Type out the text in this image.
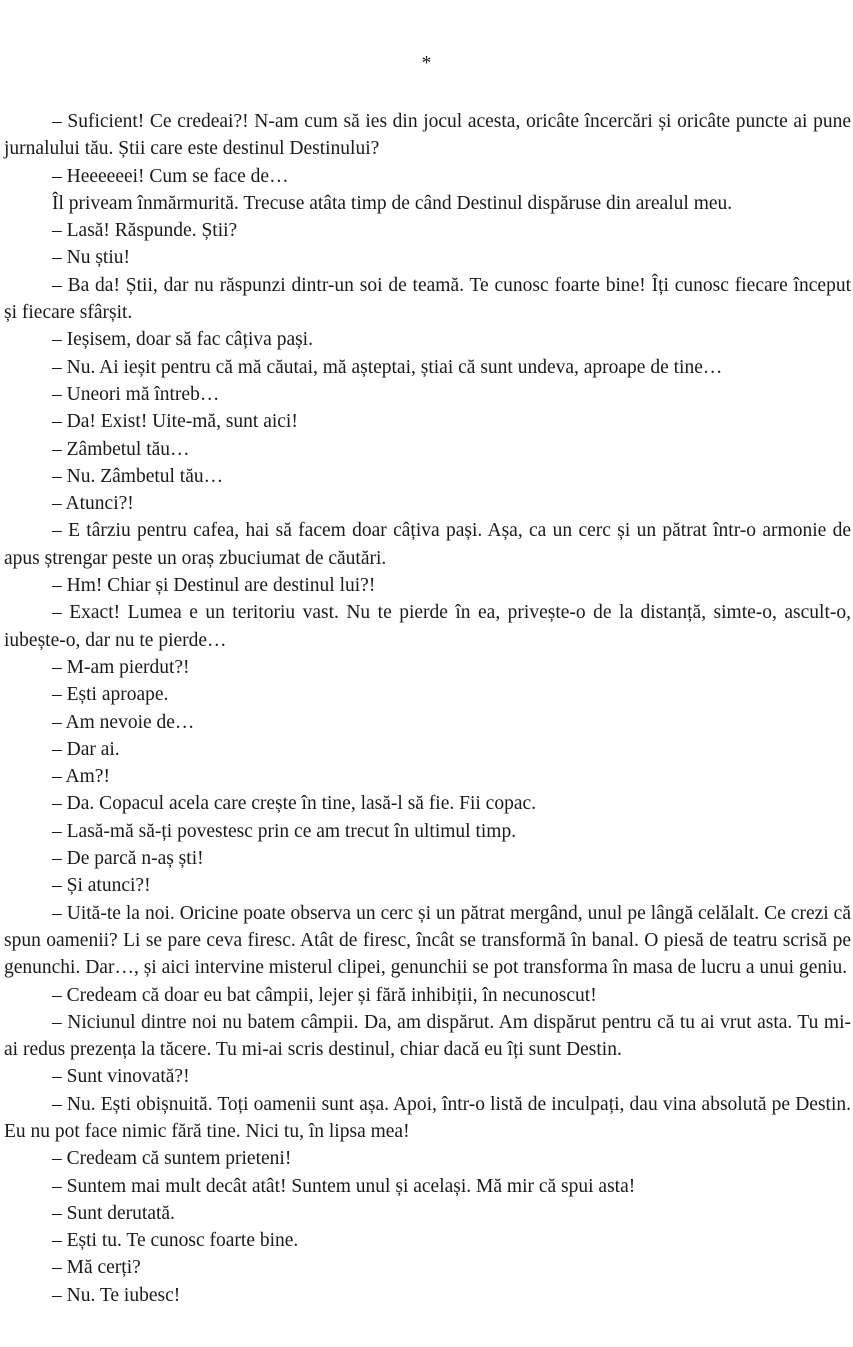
*

– Suficient! Ce credeai?! N-am cum să ies din jocul acesta, oricâte încercări și oricâte puncte ai pune jurnalului tău. Știi care este destinul Destinului?

– Heeeeeei! Cum se face de…

Îl priveam înmărmurită. Trecuse atâta timp de când Destinul dispăruse din arealul meu.

– Lasă! Răspunde. Știi?

– Nu știu!

– Ba da! Știi, dar nu răspunzi dintr-un soi de teamă. Te cunosc foarte bine! Îți cunosc fiecare început și fiecare sfârșit.

– Ieșisem, doar să fac câțiva pași.

– Nu. Ai ieșit pentru că mă căutai, mă așteptai, știai că sunt undeva, aproape de tine…

– Uneori mă întreb…

– Da! Exist! Uite-mă, sunt aici!

– Zâmbetul tău…

– Nu. Zâmbetul tău…

– Atunci?!

– E târziu pentru cafea, hai să facem doar câțiva pași. Așa, ca un cerc și un pătrat într-o armonie de apus ștrengar peste un oraș zbuciumat de căutări.

– Hm! Chiar și Destinul are destinul lui?!

– Exact! Lumea e un teritoriu vast. Nu te pierde în ea, privește-o de la distanță, simte-o, ascult-o, iubește-o, dar nu te pierde…

– M-am pierdut?!

– Ești aproape.

– Am nevoie de…

– Dar ai.

– Am?!

– Da. Copacul acela care crește în tine, lasă-l să fie. Fii copac.

– Lasă-mă să-ți povestesc prin ce am trecut în ultimul timp.

– De parcă n-aș ști!

– Și atunci?!

– Uită-te la noi. Oricine poate observa un cerc și un pătrat mergând, unul pe lângă celălalt. Ce crezi că spun oamenii? Li se pare ceva firesc. Atât de firesc, încât se transformă în banal. O piesă de teatru scrisă pe genunchi. Dar…, și aici intervine misterul clipei, genunchii se pot transforma în masa de lucru a unui geniu.

– Credeam că doar eu bat câmpii, lejer și fără inhibiții, în necunoscut!

– Niciunul dintre noi nu batem câmpii. Da, am dispărut. Am dispărut pentru că tu ai vrut asta. Tu mi-ai redus prezența la tăcere. Tu mi-ai scris destinul, chiar dacă eu îți sunt Destin.

– Sunt vinovată?!

– Nu. Ești obișnuită. Toți oamenii sunt așa. Apoi, într-o listă de inculpați, dau vina absolută pe Destin. Eu nu pot face nimic fără tine. Nici tu, în lipsa mea!

– Credeam că suntem prieteni!

– Suntem mai mult decât atât! Suntem unul și același. Mă mir că spui asta!

– Sunt derutată.

– Ești tu. Te cunosc foarte bine.

– Mă cerți?

– Nu. Te iubesc!
